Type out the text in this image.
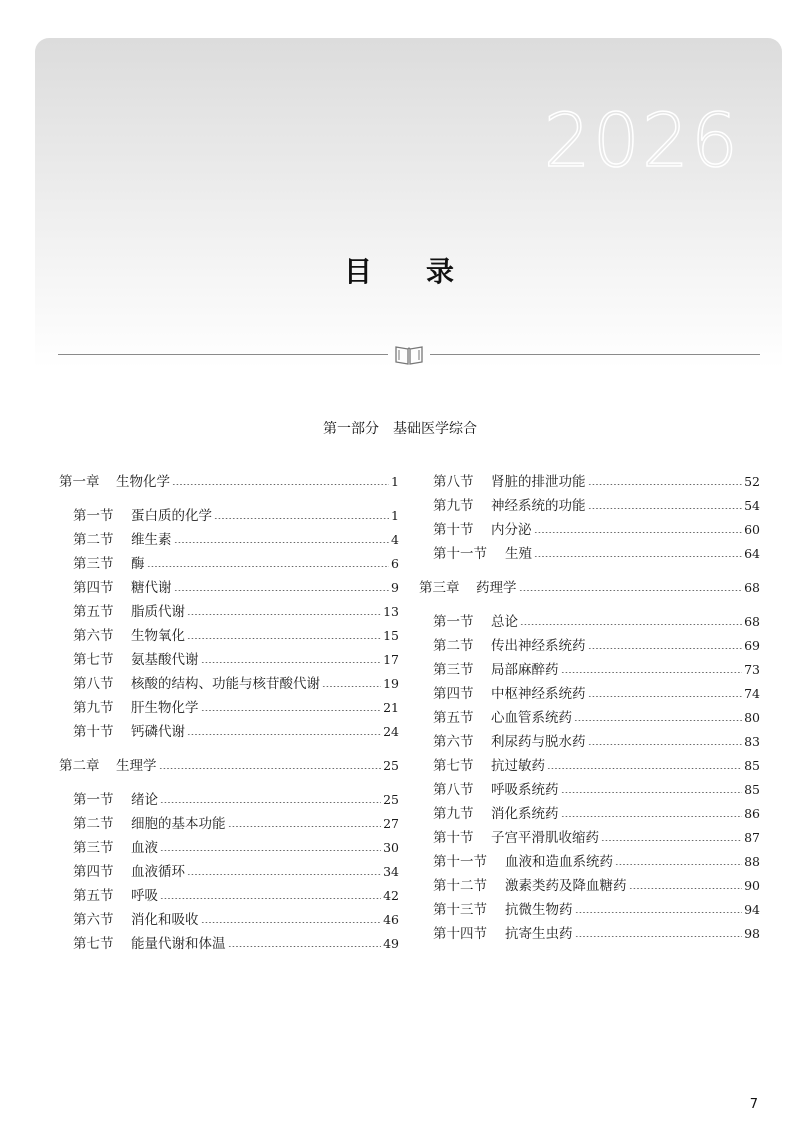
2026
目 录
第一部分　基础医学综合
第一章	生物化学	1
第一节	蛋白质的化学	1
第二节	维生素	4
第三节	酶	6
第四节	糖代谢	9
第五节	脂质代谢	13
第六节	生物氧化	15
第七节	氨基酸代谢	17
第八节	核酸的结构、功能与核苷酸代谢	19
第九节	肝生物化学	21
第十节	钙磷代谢	24
第二章	生理学	25
第一节	绪论	25
第二节	细胞的基本功能	27
第三节	血液	30
第四节	血液循环	34
第五节	呼吸	42
第六节	消化和吸收	46
第七节	能量代谢和体温	49
第八节	肾脏的排泄功能	52
第九节	神经系统的功能	54
第十节	内分泌	60
第十一节	生殖	64
第三章	药理学	68
第一节	总论	68
第二节	传出神经系统药	69
第三节	局部麻醉药	73
第四节	中枢神经系统药	74
第五节	心血管系统药	80
第六节	利尿药与脱水药	83
第七节	抗过敏药	85
第八节	呼吸系统药	85
第九节	消化系统药	86
第十节	子宫平滑肌收缩药	87
第十一节	血液和造血系统药	88
第十二节	激素类药及降血糖药	90
第十三节	抗微生物药	94
第十四节	抗寄生虫药	98
7
